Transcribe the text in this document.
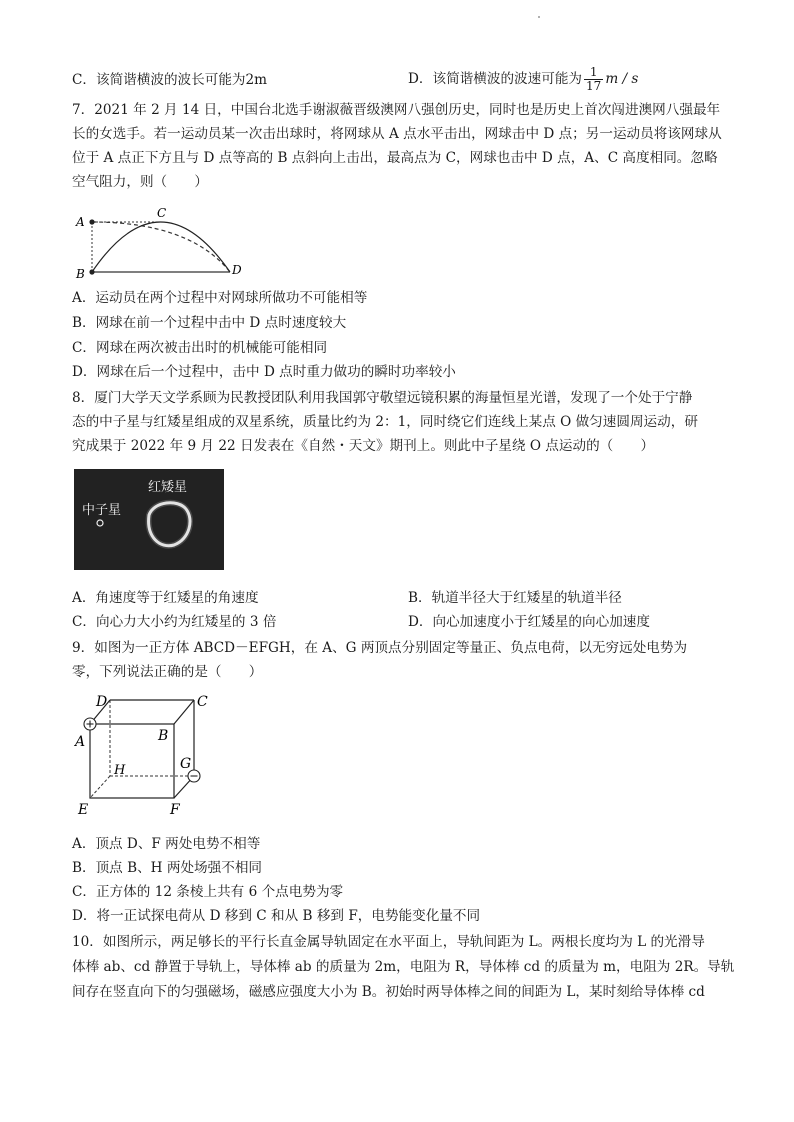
C．该简谐横波的波长可能为2m	D．该简谐横波的波速可能为 $\frac{1}{17}$ m / s
7．2021 年 2 月 14 日，中国台北选手谢淑薇晋级澳网八强创历史，同时也是历史上首次闯进澳网八强最年
长的女选手。若一运动员某一次击出球时，将网球从 A 点水平击出，网球击中 D 点；另一运动员将该网球从
位于 A 点正下方且与 D 点等高的 B 点斜向上击出，最高点为 C，网球也击中 D 点，A、C 高度相同。忽略
空气阻力，则（　　）
A
B
C
D
A．运动员在两个过程中对网球所做功不可能相等
B．网球在前一个过程中击中 D 点时速度较大
C．网球在两次被击出时的机械能可能相同
D．网球在后一个过程中，击中 D 点时重力做功的瞬时功率较小
8．厦门大学天文学系顾为民教授团队利用我国郭守敬望远镜积累的海量恒星光谱，发现了一个处于宁静
态的中子星与红矮星组成的双星系统，质量比约为 2：1，同时绕它们连线上某点 O 做匀速圆周运动，研
究成果于 2022 年 9 月 22 日发表在《自然・天文》期刊上。则此中子星绕 O 点运动的（　　）
红矮星
中子星
A．角速度等于红矮星的角速度	B．轨道半径大于红矮星的轨道半径
C．向心力大小约为红矮星的 3 倍	D．向心加速度小于红矮星的向心加速度
9．如图为一正方体 ABCD－EFGH，在 A、G 两顶点分别固定等量正、负点电荷，以无穷远处电势为
零，下列说法正确的是（　　）
D	C
A	B
H	G
E	F
A．顶点 D、F 两处电势不相等
B．顶点 B、H 两处场强不相同
C．正方体的 12 条棱上共有 6 个点电势为零
D．将一正试探电荷从 D 移到 C 和从 B 移到 F，电势能变化量不同
10．如图所示，两足够长的平行长直金属导轨固定在水平面上，导轨间距为 L。两根长度均为 L 的光滑导
体棒 ab、cd 静置于导轨上，导体棒 ab 的质量为 2m，电阻为 R，导体棒 cd 的质量为 m，电阻为 2R。导轨
间存在竖直向下的匀强磁场，磁感应强度大小为 B。初始时两导体棒之间的间距为 L，某时刻给导体棒 cd
